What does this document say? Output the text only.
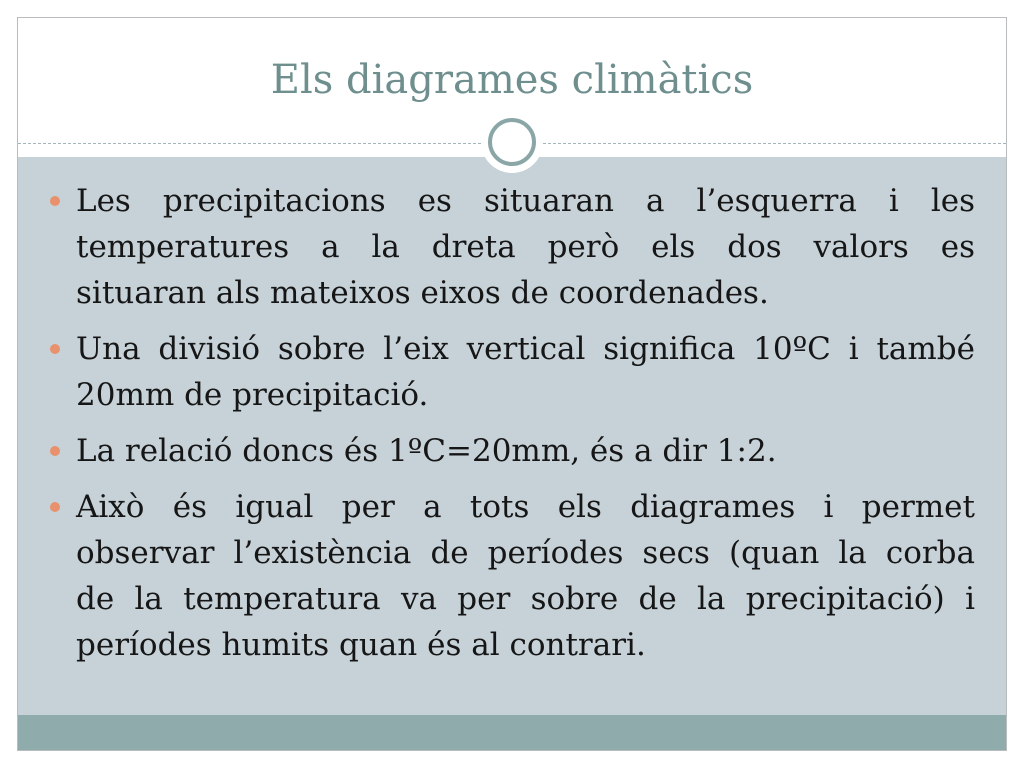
Els diagrames climàtics
Les precipitacions es situaran a l’esquerra i les
temperatures a la dreta però els dos valors es
situaran als mateixos eixos de coordenades.
Una divisió sobre l’eix vertical significa 10ºC i també
20mm de precipitació.
La relació doncs és 1ºC=20mm, és a dir 1:2.
Això és igual per a tots els diagrames i permet
observar l’existència de períodes secs (quan la corba
de la temperatura va per sobre de la precipitació) i
períodes humits quan és al contrari.
